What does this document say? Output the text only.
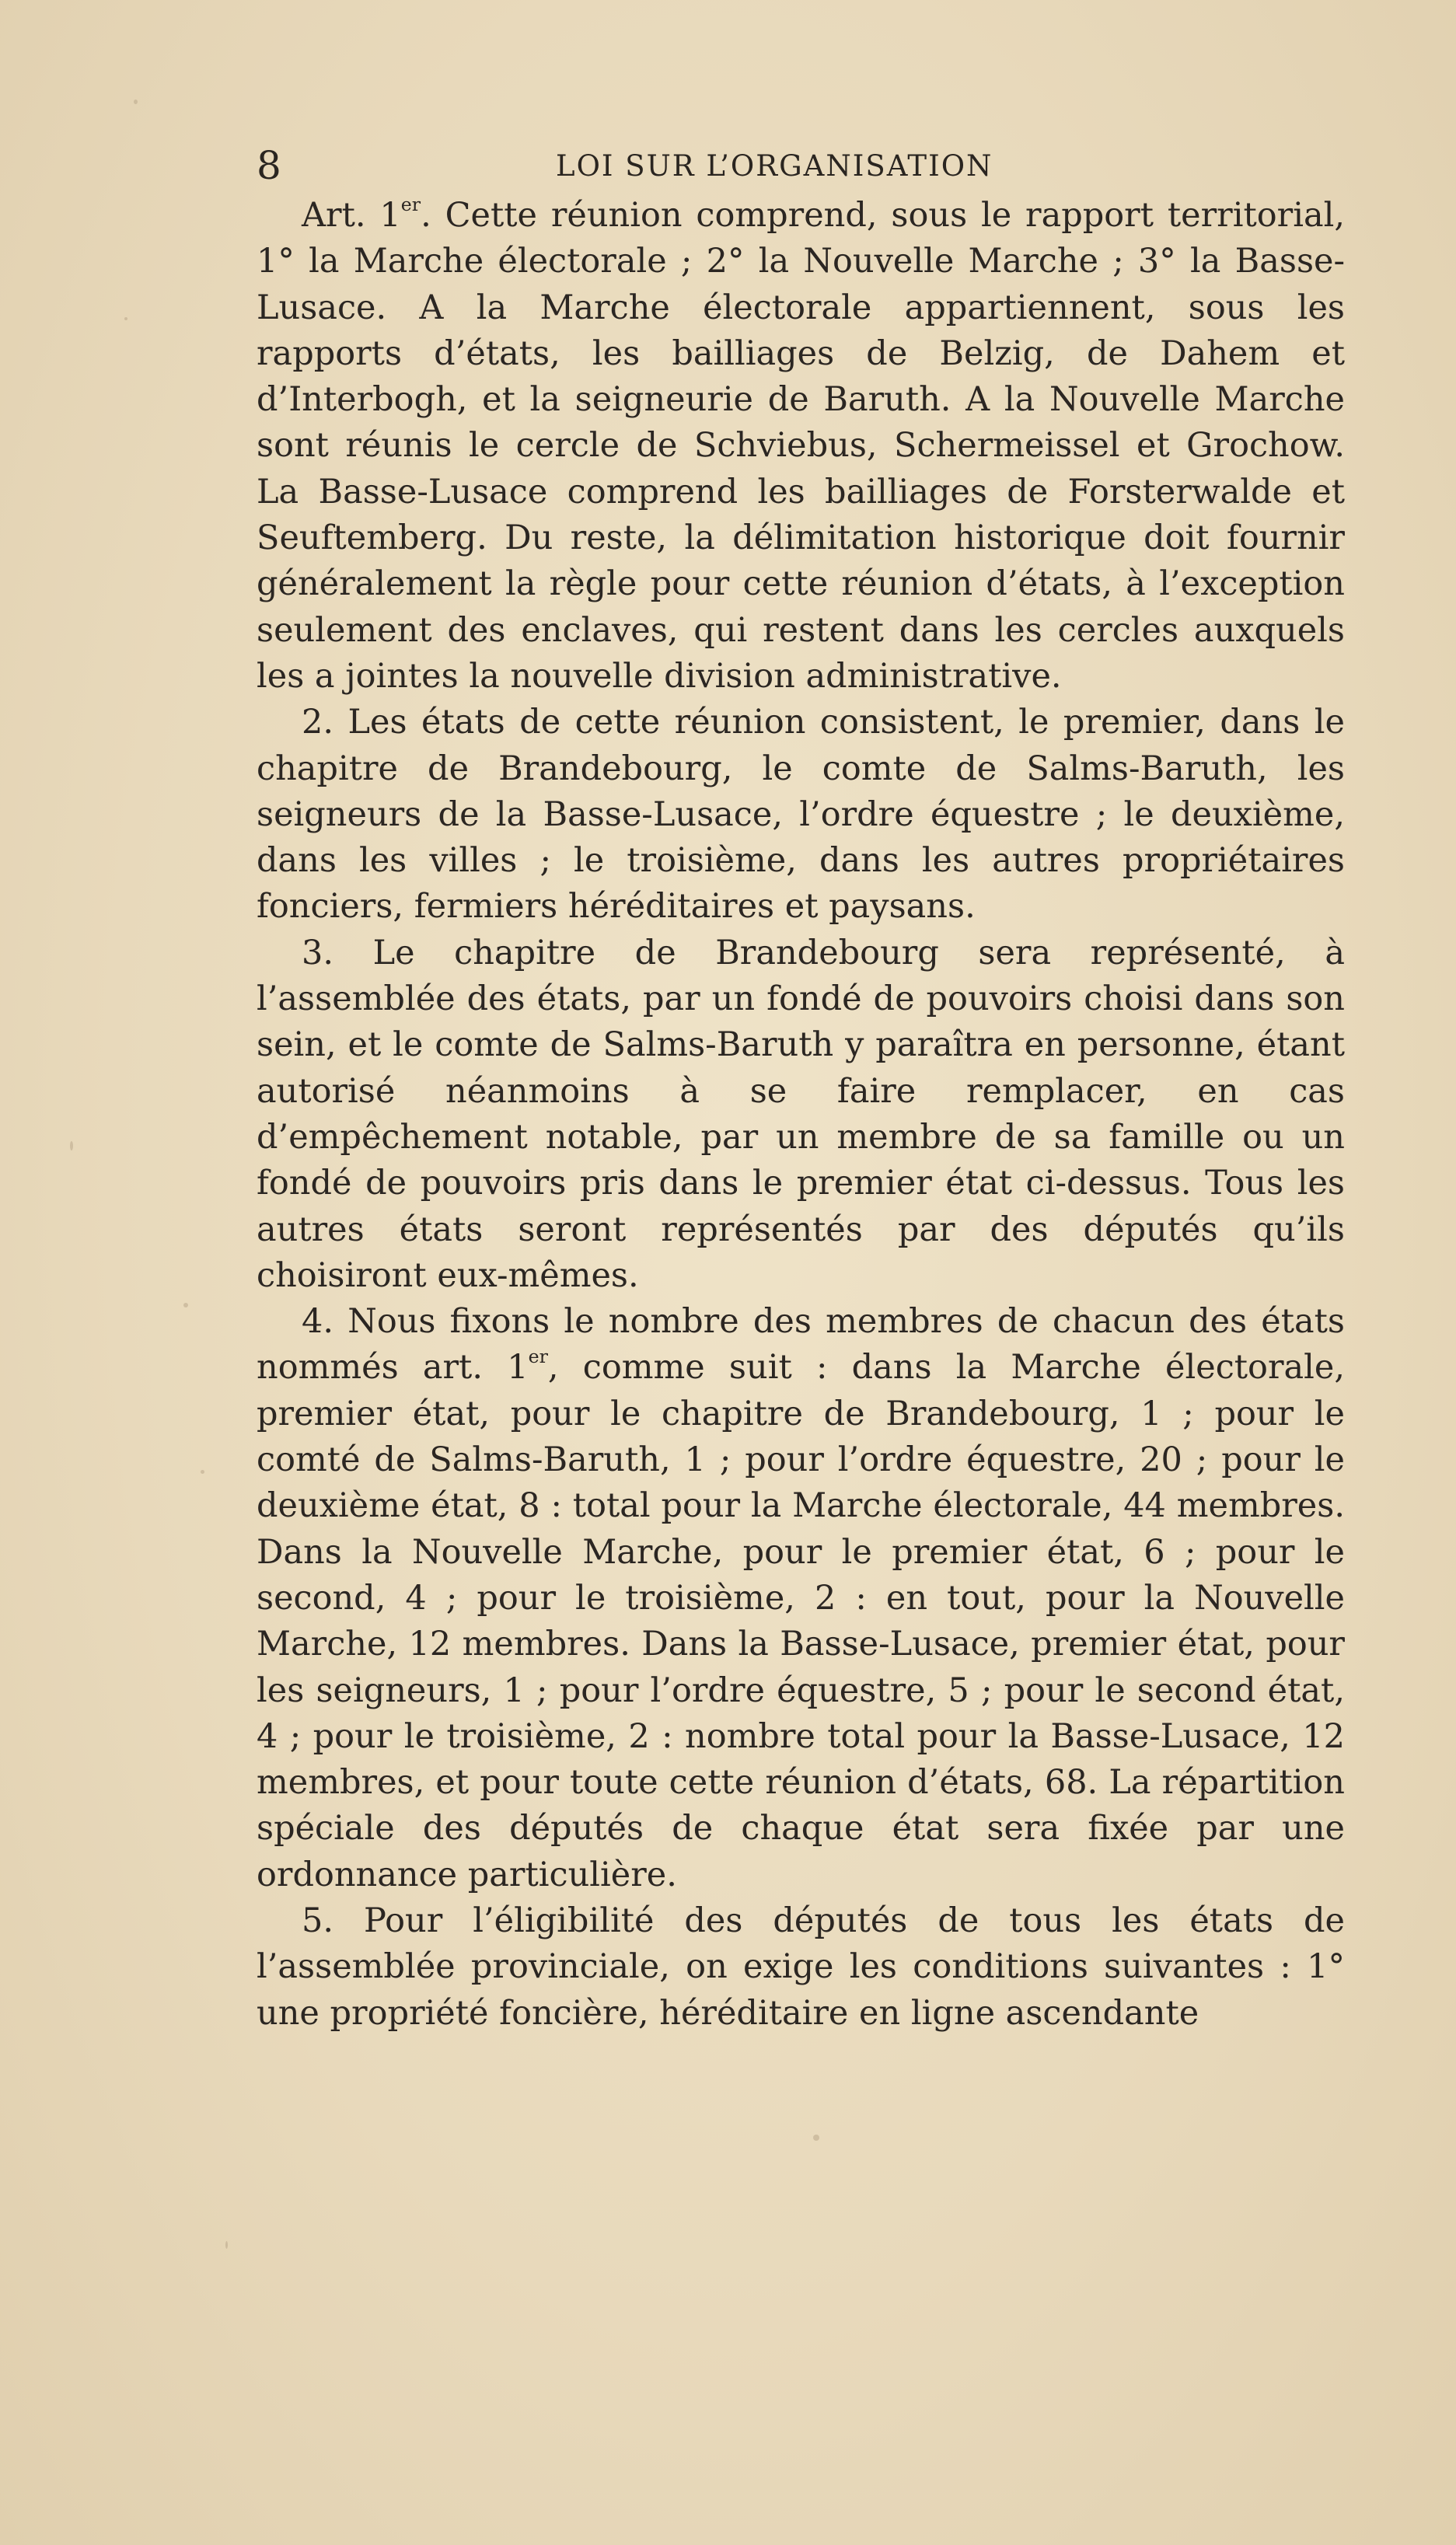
8	LOI SUR L’ORGANISATION

Art. 1er. Cette réunion comprend, sous le rapport territorial, 1° la Marche électorale ; 2° la Nouvelle Marche ; 3° la Basse-Lusace. A la Marche électorale appartiennent, sous les rapports d’états, les bailliages de Belzig, de Dahem et d’Interbogh, et la seigneurie de Baruth. A la Nouvelle Marche sont réunis le cercle de Schviebus, Schermeissel et Grochow. La Basse-Lusace comprend les bailliages de Forsterwalde et Seuftemberg. Du reste, la délimitation historique doit fournir généralement la règle pour cette réunion d’états, à l’exception seulement des enclaves, qui restent dans les cercles auxquels les a jointes la nouvelle division administrative.

2. Les états de cette réunion consistent, le premier, dans le chapitre de Brandebourg, le comte de Salms-Baruth, les seigneurs de la Basse-Lusace, l’ordre équestre ; le deuxième, dans les villes ; le troisième, dans les autres propriétaires fonciers, fermiers héréditaires et paysans.

3. Le chapitre de Brandebourg sera représenté, à l’assemblée des états, par un fondé de pouvoirs choisi dans son sein, et le comte de Salms-Baruth y paraîtra en personne, étant autorisé néanmoins à se faire remplacer, en cas d’empêchement notable, par un membre de sa famille ou un fondé de pouvoirs pris dans le premier état ci-dessus. Tous les autres états seront représentés par des députés qu’ils choisiront eux-mêmes.

4. Nous fixons le nombre des membres de chacun des états nommés art. 1er, comme suit : dans la Marche électorale, premier état, pour le chapitre de Brandebourg, 1 ; pour le comté de Salms-Baruth, 1 ; pour l’ordre équestre, 20 ; pour le deuxième état, 8 : total pour la Marche électorale, 44 membres. Dans la Nouvelle Marche, pour le premier état, 6 ; pour le second, 4 ; pour le troisième, 2 : en tout, pour la Nouvelle Marche, 12 membres. Dans la Basse-Lusace, premier état, pour les seigneurs, 1 ; pour l’ordre équestre, 5 ; pour le second état, 4 ; pour le troisième, 2 : nombre total pour la Basse-Lusace, 12 membres, et pour toute cette réunion d’états, 68. La répartition spéciale des députés de chaque état sera fixée par une ordonnance particulière.

5. Pour l’éligibilité des députés de tous les états de l’assemblée provinciale, on exige les conditions suivantes : 1° une propriété foncière, héréditaire en ligne ascendante
